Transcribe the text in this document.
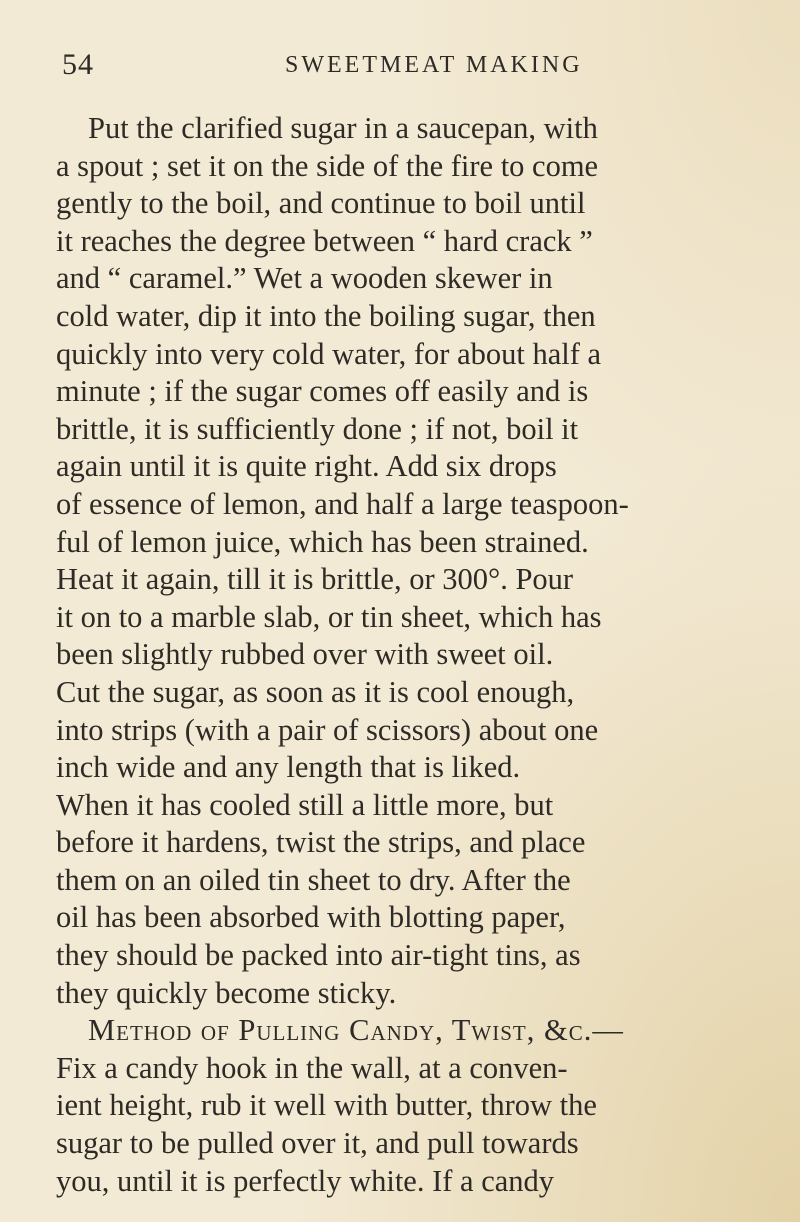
54	SWEETMEAT MAKING
Put the clarified sugar in a saucepan, with
a spout ; set it on the side of the fire to come
gently to the boil, and continue to boil until
it reaches the degree between “ hard crack ”
and “ caramel.” Wet a wooden skewer in
cold water, dip it into the boiling sugar, then
quickly into very cold water, for about half a
minute ; if the sugar comes off easily and is
brittle, it is sufficiently done ; if not, boil it
again until it is quite right. Add six drops
of essence of lemon, and half a large teaspoon-
ful of lemon juice, which has been strained.
Heat it again, till it is brittle, or 300°. Pour
it on to a marble slab, or tin sheet, which has
been slightly rubbed over with sweet oil.
Cut the sugar, as soon as it is cool enough,
into strips (with a pair of scissors) about one
inch wide and any length that is liked.
When it has cooled still a little more, but
before it hardens, twist the strips, and place
them on an oiled tin sheet to dry. After the
oil has been absorbed with blotting paper,
they should be packed into air-tight tins, as
they quickly become sticky.
Method of Pulling Candy, Twist, &c.—
Fix a candy hook in the wall, at a conven-
ient height, rub it well with butter, throw the
sugar to be pulled over it, and pull towards
you, until it is perfectly white. If a candy
